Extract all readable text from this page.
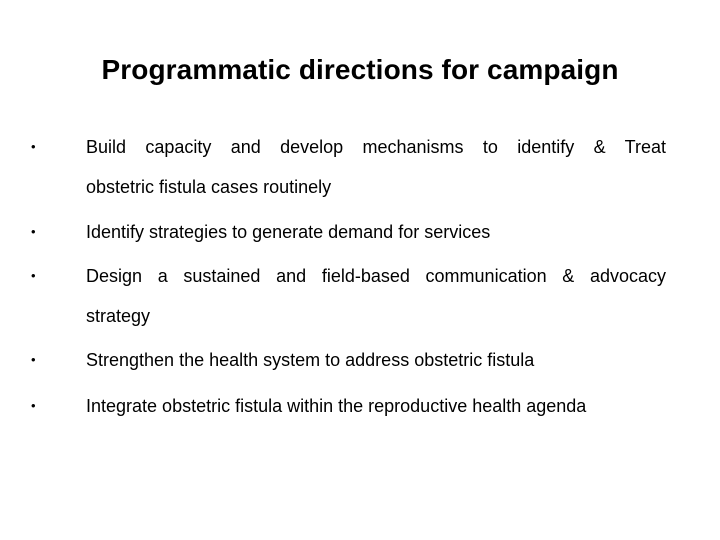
Programmatic directions for campaign
•	Build capacity and develop mechanisms to identify & Treat
obstetric fistula cases routinely
•	Identify strategies to generate demand for services
•	Design a sustained and field-based communication & advocacy
strategy
•	Strengthen the health system to address obstetric fistula
•	Integrate obstetric fistula within the reproductive health agenda
